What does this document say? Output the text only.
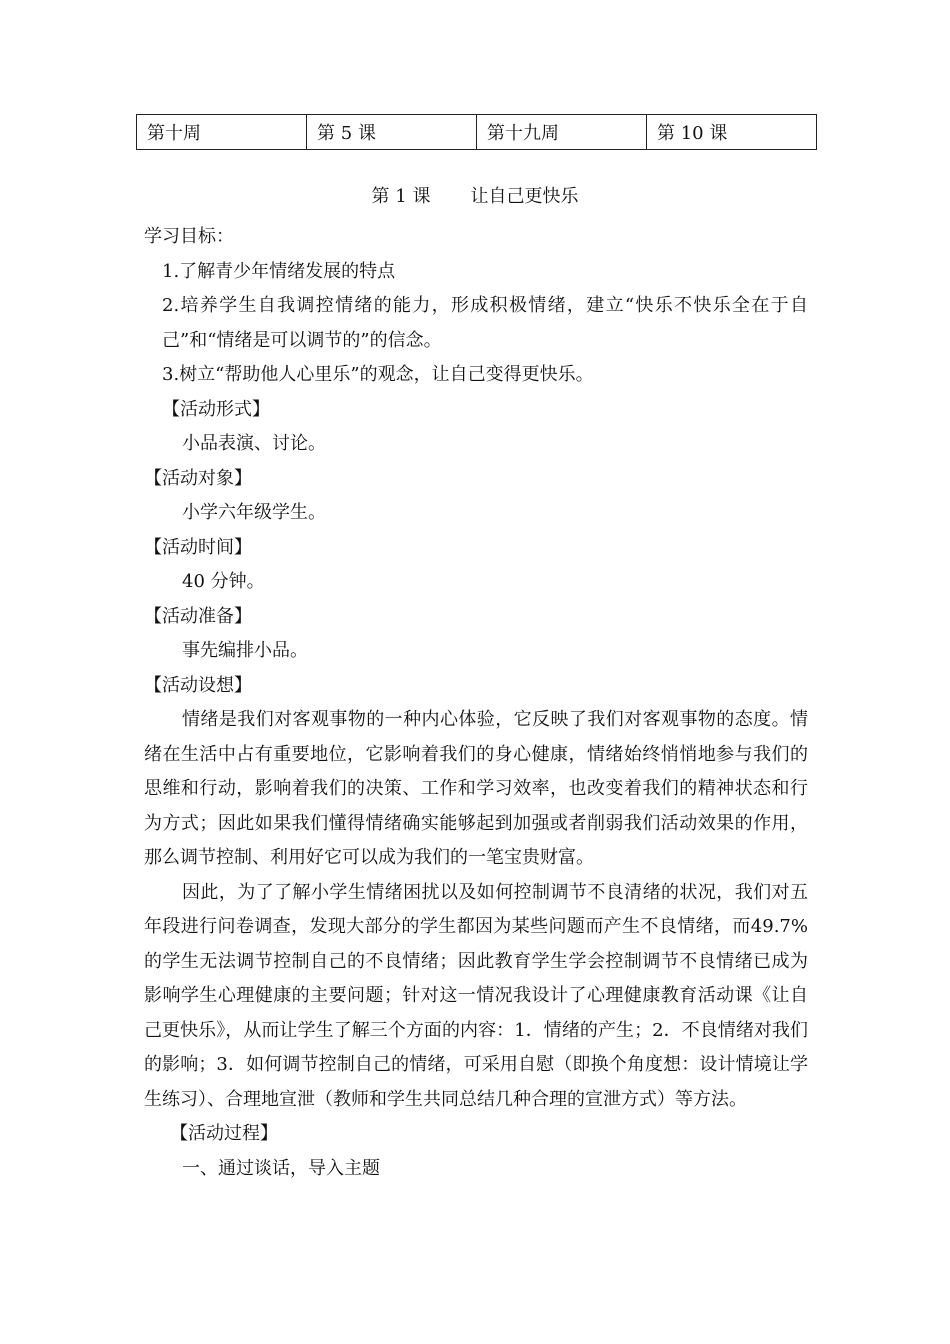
第十周	第 5 课	第十九周	第 10 课
第 1 课 让自己更快乐

学习目标：

1.了解青少年情绪发展的特点

2.培养学生自我调控情绪的能力，形成积极情绪，建立“快乐不快乐全在于自己”和“情绪是可以调节的”的信念。

3.树立“帮助他人心里乐”的观念，让自己变得更快乐。

【活动形式】

小品表演、讨论。

【活动对象】

小学六年级学生。

【活动时间】

40 分钟。

【活动准备】

事先编排小品。

【活动设想】

情绪是我们对客观事物的一种内心体验，它反映了我们对客观事物的态度。情绪在生活中占有重要地位，它影响着我们的身心健康，情绪始终悄悄地参与我们的思维和行动，影响着我们的决策、工作和学习效率，也改变着我们的精神状态和行为方式；因此如果我们懂得情绪确实能够起到加强或者削弱我们活动效果的作用，那么调节控制、利用好它可以成为我们的一笔宝贵财富。

因此，为了了解小学生情绪困扰以及如何控制调节不良清绪的状况，我们对五年段进行问卷调查，发现大部分的学生都因为某些问题而产生不良情绪，而49.7%的学生无法调节控制自己的不良情绪；因此教育学生学会控制调节不良情绪已成为影响学生心理健康的主要问题；针对这一情况我设计了心理健康教育活动课《让自己更快乐》，从而让学生了解三个方面的内容：1．情绪的产生；2．不良情绪对我们的影响；3．如何调节控制自己的情绪，可采用自慰（即换个角度想：设计情境让学生练习）、合理地宣泄（教师和学生共同总结几种合理的宣泄方式）等方法。

【活动过程】

一、通过谈话，导入主题
